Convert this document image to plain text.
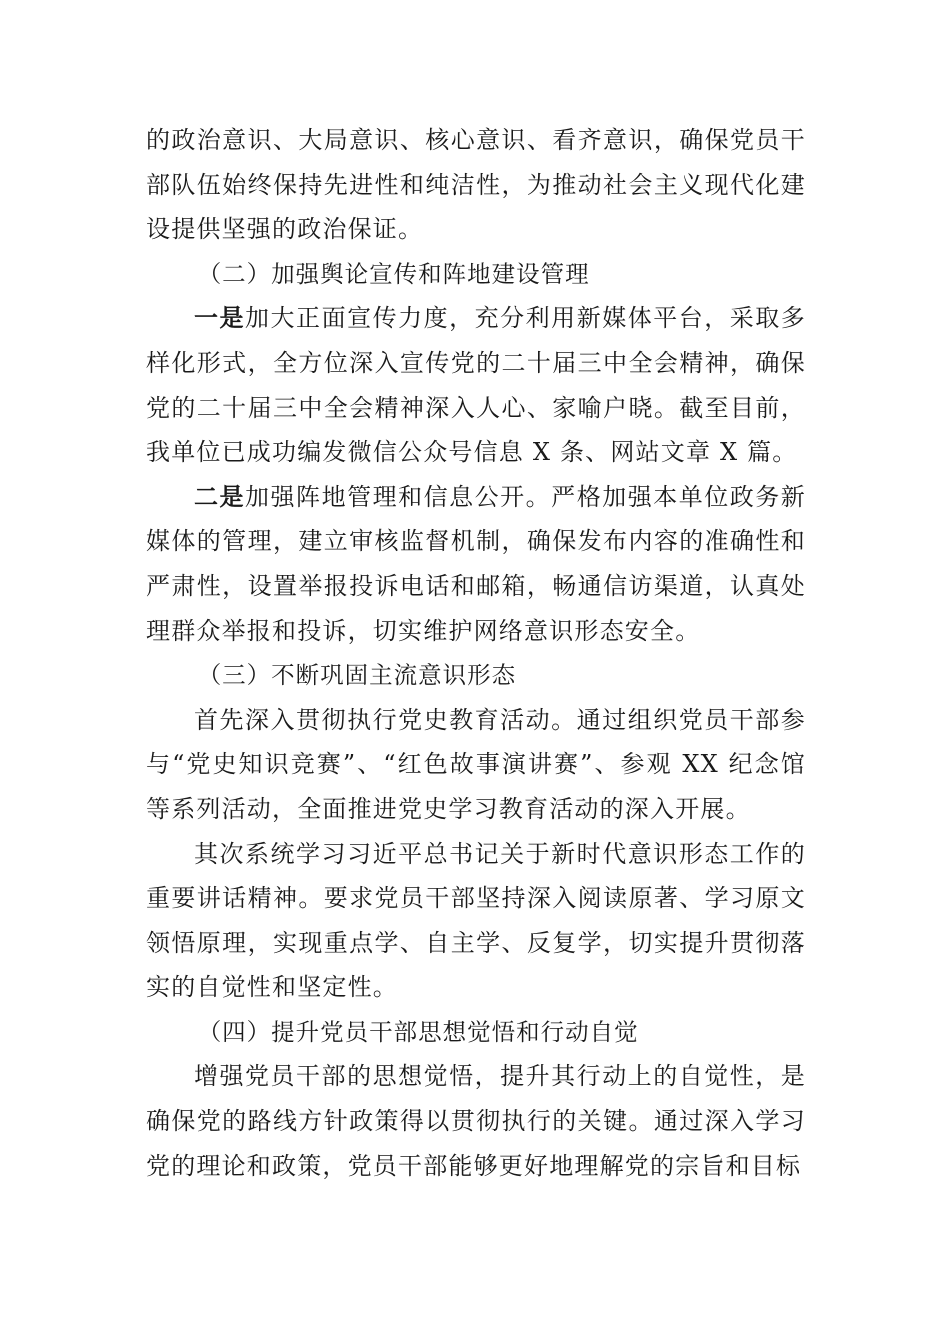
的政治意识、大局意识、核心意识、看齐意识，确保党员干部队伍始终保持先进性和纯洁性，为推动社会主义现代化建设提供坚强的政治保证。

（二）加强舆论宣传和阵地建设管理

一是加大正面宣传力度，充分利用新媒体平台，采取多样化形式，全方位深入宣传党的二十届三中全会精神，确保党的二十届三中全会精神深入人心、家喻户晓。截至目前，我单位已成功编发微信公众号信息 X 条、网站文章 X 篇。

二是加强阵地管理和信息公开。严格加强本单位政务新媒体的管理，建立审核监督机制，确保发布内容的准确性和严肃性，设置举报投诉电话和邮箱，畅通信访渠道，认真处理群众举报和投诉，切实维护网络意识形态安全。

（三）不断巩固主流意识形态

首先深入贯彻执行党史教育活动。通过组织党员干部参与“党史知识竞赛”、“红色故事演讲赛”、参观 XX 纪念馆等系列活动，全面推进党史学习教育活动的深入开展。

其次系统学习习近平总书记关于新时代意识形态工作的重要讲话精神。要求党员干部坚持深入阅读原著、学习原文领悟原理，实现重点学、自主学、反复学，切实提升贯彻落实的自觉性和坚定性。

（四）提升党员干部思想觉悟和行动自觉

增强党员干部的思想觉悟，提升其行动上的自觉性，是确保党的路线方针政策得以贯彻执行的关键。通过深入学习党的理论和政策，党员干部能够更好地理解党的宗旨和目标
